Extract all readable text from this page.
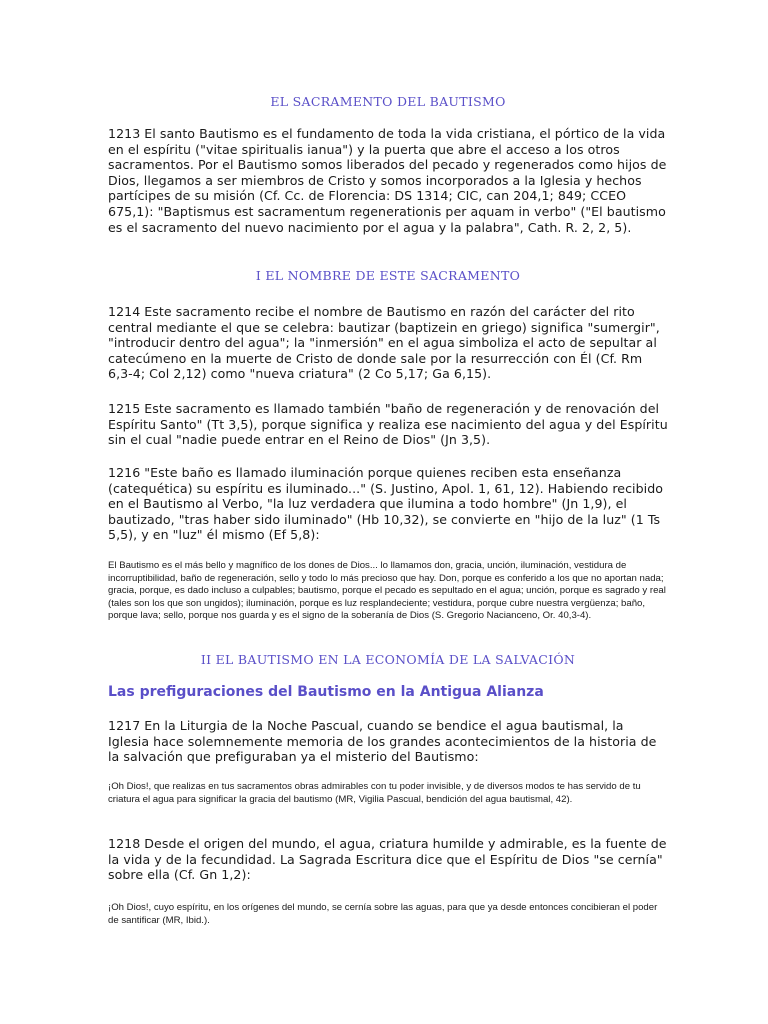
EL SACRAMENTO DEL BAUTISMO

1213 El santo Bautismo es el fundamento de toda la vida cristiana, el pórtico de la vida en el espíritu ("vitae spiritualis ianua") y la puerta que abre el acceso a los otros sacramentos. Por el Bautismo somos liberados del pecado y regenerados como hijos de Dios, llegamos a ser miembros de Cristo y somos incorporados a la Iglesia y hechos partícipes de su misión (Cf. Cc. de Florencia: DS 1314; CIC, can 204,1; 849; CCEO 675,1): "Baptismus est sacramentum regenerationis per aquam in verbo" ("El bautismo es el sacramento del nuevo nacimiento por el agua y la palabra", Cath. R. 2, 2, 5).

I EL NOMBRE DE ESTE SACRAMENTO

1214 Este sacramento recibe el nombre de Bautismo en razón del carácter del rito central mediante el que se celebra: bautizar (baptizein en griego) significa "sumergir", "introducir dentro del agua"; la "inmersión" en el agua simboliza el acto de sepultar al catecúmeno en la muerte de Cristo de donde sale por la resurrección con Él (Cf. Rm 6,3-4; Col 2,12) como "nueva criatura" (2 Co 5,17; Ga 6,15).

1215 Este sacramento es llamado también "baño de regeneración y de renovación del Espíritu Santo" (Tt 3,5), porque significa y realiza ese nacimiento del agua y del Espíritu sin el cual "nadie puede entrar en el Reino de Dios" (Jn 3,5).

1216 "Este baño es llamado iluminación porque quienes reciben esta enseñanza (catequética) su espíritu es iluminado..." (S. Justino, Apol. 1, 61, 12). Habiendo recibido en el Bautismo al Verbo, "la luz verdadera que ilumina a todo hombre" (Jn 1,9), el bautizado, "tras haber sido iluminado" (Hb 10,32), se convierte en "hijo de la luz" (1 Ts 5,5), y en "luz" él mismo (Ef 5,8):

El Bautismo es el más bello y magnífico de los dones de Dios... lo llamamos don, gracia, unción, iluminación, vestidura de incorruptibilidad, baño de regeneración, sello y todo lo más precioso que hay. Don, porque es conferido a los que no aportan nada; gracia, porque, es dado incluso a culpables; bautismo, porque el pecado es sepultado en el agua; unción, porque es sagrado y real (tales son los que son ungidos); iluminación, porque es luz resplandeciente; vestidura, porque cubre nuestra vergüenza; baño, porque lava; sello, porque nos guarda y es el signo de la soberanía de Dios (S. Gregorio Nacianceno, Or. 40,3-4).

II EL BAUTISMO EN LA ECONOMÍA DE LA SALVACIÓN
Las prefiguraciones del Bautismo en la Antigua Alianza

1217 En la Liturgia de la Noche Pascual, cuando se bendice el agua bautismal, la Iglesia hace solemnemente memoria de los grandes acontecimientos de la historia de la salvación que prefiguraban ya el misterio del Bautismo:

¡Oh Dios!, que realizas en tus sacramentos obras admirables con tu poder invisible, y de diversos modos te has servido de tu criatura el agua para significar la gracia del bautismo (MR, Vigilia Pascual, bendición del agua bautismal, 42).

1218 Desde el origen del mundo, el agua, criatura humilde y admirable, es la fuente de la vida y de la fecundidad. La Sagrada Escritura dice que el Espíritu de Dios "se cernía" sobre ella (Cf. Gn 1,2):

¡Oh Dios!, cuyo espíritu, en los orígenes del mundo, se cernía sobre las aguas, para que ya desde entonces concibieran el poder de santificar (MR, Ibid.).
